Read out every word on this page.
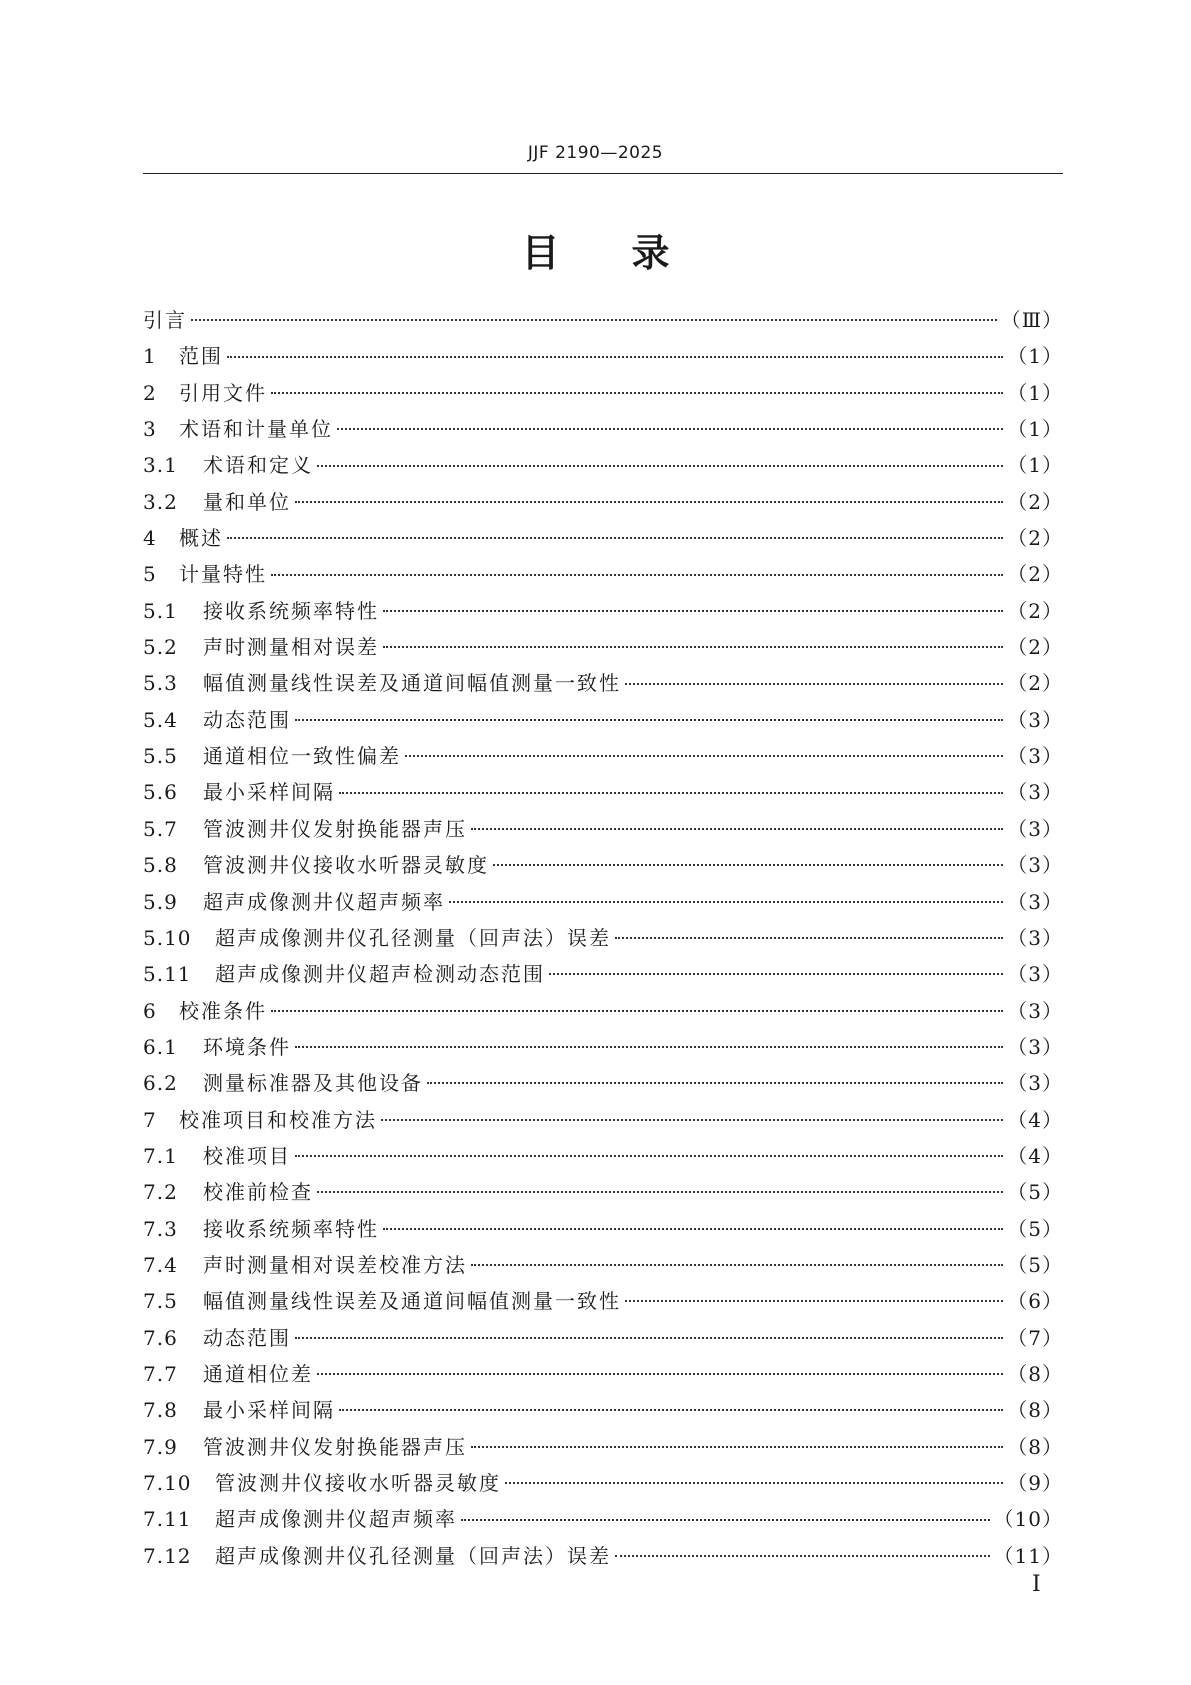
JJF 2190—2025
目 录
引言	（Ⅲ）
1	范围	（1）
2	引用文件	（1）
3	术语和计量单位	（1）
3.1	术语和定义	（1）
3.2	量和单位	（2）
4	概述	（2）
5	计量特性	（2）
5.1	接收系统频率特性	（2）
5.2	声时测量相对误差	（2）
5.3	幅值测量线性误差及通道间幅值测量一致性	（2）
5.4	动态范围	（3）
5.5	通道相位一致性偏差	（3）
5.6	最小采样间隔	（3）
5.7	管波测井仪发射换能器声压	（3）
5.8	管波测井仪接收水听器灵敏度	（3）
5.9	超声成像测井仪超声频率	（3）
5.10	超声成像测井仪孔径测量（回声法）误差	（3）
5.11	超声成像测井仪超声检测动态范围	（3）
6	校准条件	（3）
6.1	环境条件	（3）
6.2	测量标准器及其他设备	（3）
7	校准项目和校准方法	（4）
7.1	校准项目	（4）
7.2	校准前检查	（5）
7.3	接收系统频率特性	（5）
7.4	声时测量相对误差校准方法	（5）
7.5	幅值测量线性误差及通道间幅值测量一致性	（6）
7.6	动态范围	（7）
7.7	通道相位差	（8）
7.8	最小采样间隔	（8）
7.9	管波测井仪发射换能器声压	（8）
7.10	管波测井仪接收水听器灵敏度	（9）
7.11	超声成像测井仪超声频率	（10）
7.12	超声成像测井仪孔径测量（回声法）误差	（11）
I
